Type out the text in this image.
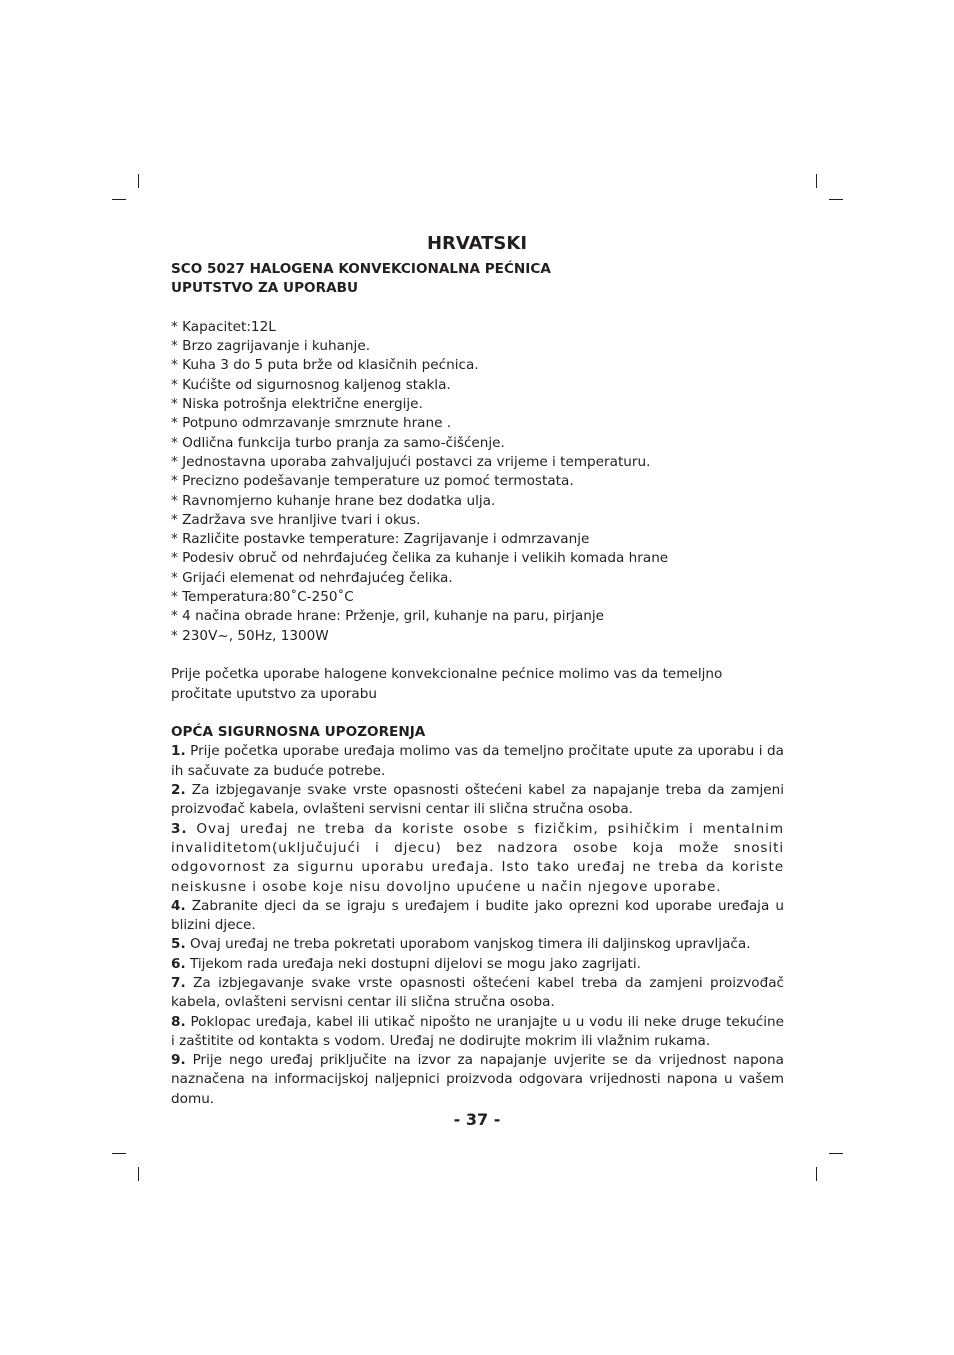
HRVATSKI
SCO 5027 HALOGENA KONVEKCIONALNA PEĆNICA
UPUTSTVO ZA UPORABU
* Kapacitet:12L
* Brzo zagrijavanje i kuhanje.
* Kuha 3 do 5 puta brže od klasičnih pećnica.
* Kućište od sigurnosnog kaljenog stakla.
* Niska potrošnja električne energije.
* Potpuno odmrzavanje smrznute hrane .
* Odlična funkcija turbo pranja za samo-čišćenje.
* Jednostavna uporaba zahvaljujući postavci za vrijeme i temperaturu.
* Precizno podešavanje temperature uz pomoć termostata.
* Ravnomjerno kuhanje hrane bez dodatka ulja.
* Zadržava sve hranljive tvari i okus.
* Različite postavke temperature: Zagrijavanje i odmrzavanje
* Podesiv obruč od nehrđajućeg čelika za kuhanje i velikih komada hrane
* Grijaći elemenat od nehrđajućeg čelika.
* Temperatura:80˚C-250˚C
* 4 načina obrade hrane: Prženje, gril, kuhanje na paru, pirjanje
* 230V~, 50Hz, 1300W

Prije početka uporabe halogene konvekcionalne pećnice molimo vas da temeljno pročitate uputstvo za uporabu

OPĆA SIGURNOSNA UPOZORENJA
1. Prije početka uporabe uređaja molimo vas da temeljno pročitate upute za uporabu i da ih sačuvate za buduće potrebe.
2. Za izbjegavanje svake vrste opasnosti oštećeni kabel za napajanje treba da zamjeni proizvođač kabela, ovlašteni servisni centar ili slična stručna osoba.
3. Ovaj uređaj ne treba da koriste osobe s fizičkim, psihičkim i mentalnim invaliditetom(uključujući i djecu) bez nadzora osobe koja može snositi odgovornost za sigurnu uporabu uređaja. Isto tako uređaj ne treba da koriste neiskusne i osobe koje nisu dovoljno upućene u način njegove uporabe.
4. Zabranite djeci da se igraju s uređajem i budite jako oprezni kod uporabe uređaja u blizini djece.
5. Ovaj uređaj ne treba pokretati uporabom vanjskog timera ili daljinskog upravljača.
6. Tijekom rada uređaja neki dostupni dijelovi se mogu jako zagrijati.
7. Za izbjegavanje svake vrste opasnosti oštećeni kabel treba da zamjeni proizvođač kabela, ovlašteni servisni centar ili slična stručna osoba.
8. Poklopac uređaja, kabel ili utikač nipošto ne uranjajte u u vodu ili neke druge tekućine i zaštitite od kontakta s vodom. Uređaj ne dodirujte mokrim ili vlažnim rukama.
9. Prije nego uređaj priključite na izvor za napajanje uvjerite se da vrijednost napona naznačena na informacijskoj naljepnici proizvoda odgovara vrijednosti napona u vašem domu.
- 37 -
